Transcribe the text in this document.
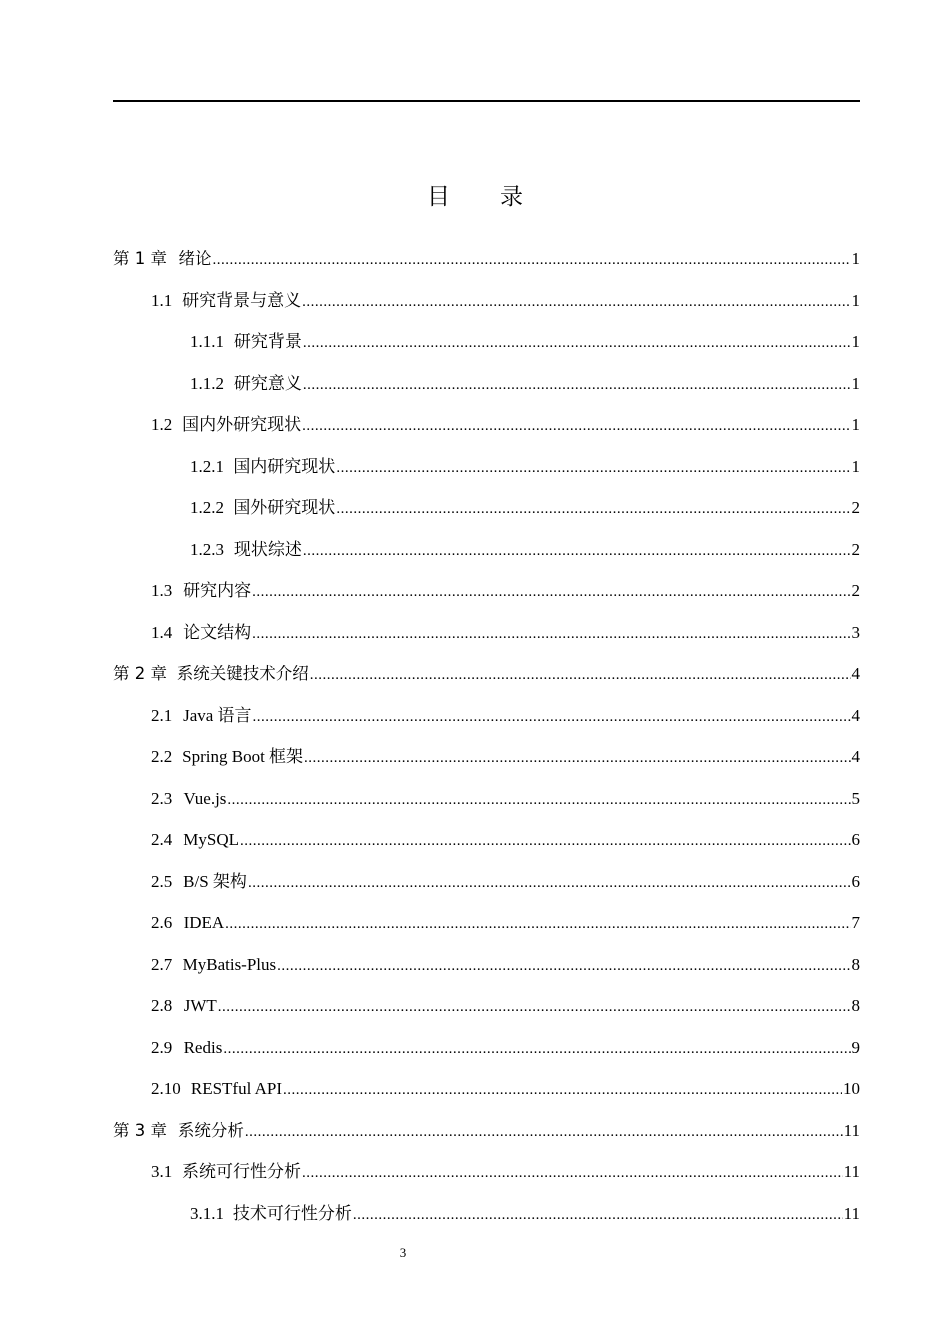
目 录
第 1 章 绪论 .....	1
1.1 研究背景与意义 .....	1
1.1.1 研究背景 .....	1
1.1.2 研究意义 .....	1
1.2 国内外研究现状 .....	1
1.2.1 国内研究现状 .....	1
1.2.2 国外研究现状 .....	2
1.2.3 现状综述 .....	2
1.3 研究内容 .....	2
1.4 论文结构 .....	3
第 2 章 系统关键技术介绍 .....	4
2.1 Java 语言 .....	4
2.2 Spring Boot 框架 .....	4
2.3 Vue.js .....	5
2.4 MySQL .....	6
2.5 B/S 架构 .....	6
2.6 IDEA .....	7
2.7 MyBatis-Plus .....	8
2.8 JWT .....	8
2.9 Redis .....	9
2.10 RESTful API .....	10
第 3 章 系统分析 .....	11
3.1 系统可行性分析 .....	11
3.1.1 技术可行性分析 .....	11
3
